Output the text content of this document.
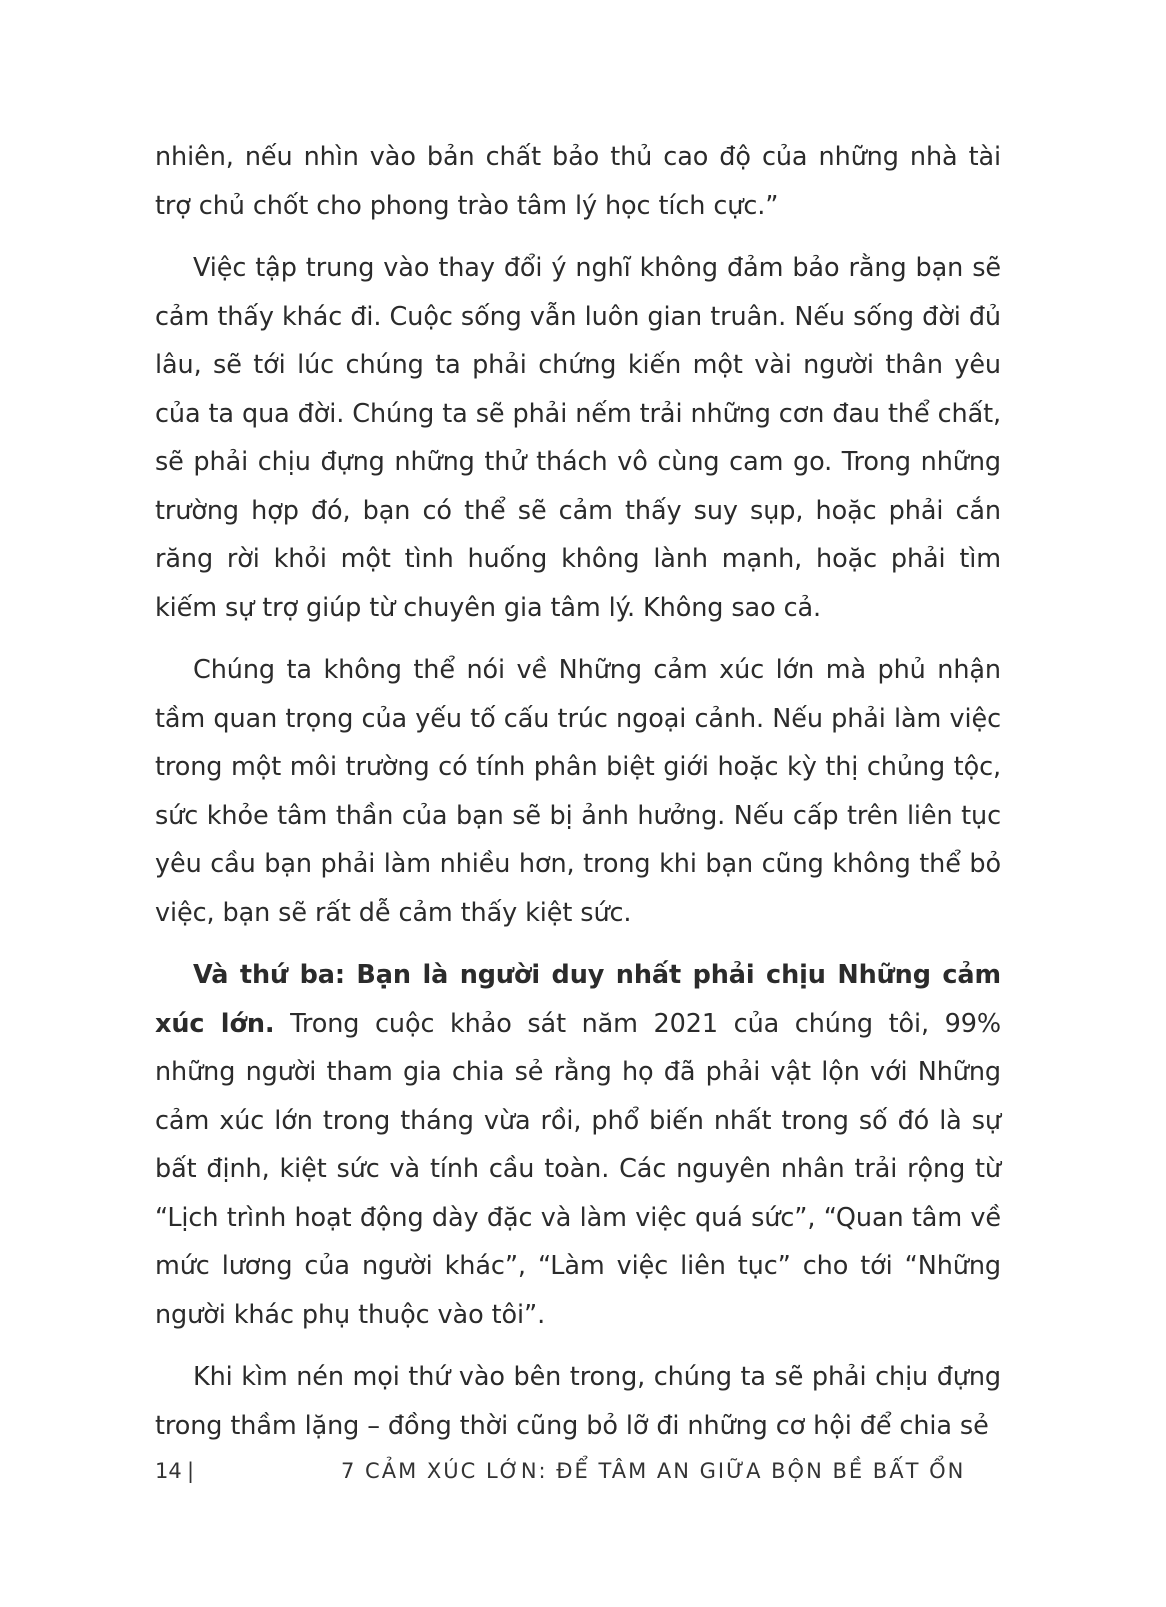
nhiên, nếu nhìn vào bản chất bảo thủ cao độ của những nhà tài trợ chủ chốt cho phong trào tâm lý học tích cực.”

Việc tập trung vào thay đổi ý nghĩ không đảm bảo rằng bạn sẽ cảm thấy khác đi. Cuộc sống vẫn luôn gian truân. Nếu sống đời đủ lâu, sẽ tới lúc chúng ta phải chứng kiến một vài người thân yêu của ta qua đời. Chúng ta sẽ phải nếm trải những cơn đau thể chất, sẽ phải chịu đựng những thử thách vô cùng cam go. Trong những trường hợp đó, bạn có thể sẽ cảm thấy suy sụp, hoặc phải cắn răng rời khỏi một tình huống không lành mạnh, hoặc phải tìm kiếm sự trợ giúp từ chuyên gia tâm lý. Không sao cả.

Chúng ta không thể nói về Những cảm xúc lớn mà phủ nhận tầm quan trọng của yếu tố cấu trúc ngoại cảnh. Nếu phải làm việc trong một môi trường có tính phân biệt giới hoặc kỳ thị chủng tộc, sức khỏe tâm thần của bạn sẽ bị ảnh hưởng. Nếu cấp trên liên tục yêu cầu bạn phải làm nhiều hơn, trong khi bạn cũng không thể bỏ việc, bạn sẽ rất dễ cảm thấy kiệt sức.

Và thứ ba: Bạn là người duy nhất phải chịu Những cảm xúc lớn. Trong cuộc khảo sát năm 2021 của chúng tôi, 99% những người tham gia chia sẻ rằng họ đã phải vật lộn với Những cảm xúc lớn trong tháng vừa rồi, phổ biến nhất trong số đó là sự bất định, kiệt sức và tính cầu toàn. Các nguyên nhân trải rộng từ “Lịch trình hoạt động dày đặc và làm việc quá sức”, “Quan tâm về mức lương của người khác”, “Làm việc liên tục” cho tới “Những người khác phụ thuộc vào tôi”.

Khi kìm nén mọi thứ vào bên trong, chúng ta sẽ phải chịu đựng trong thầm lặng – đồng thời cũng bỏ lỡ đi những cơ hội để chia sẻ

14 |	7 CẢM XÚC LỚN: ĐỂ TÂM AN GIỮA BỘN BỀ BẤT ỔN
